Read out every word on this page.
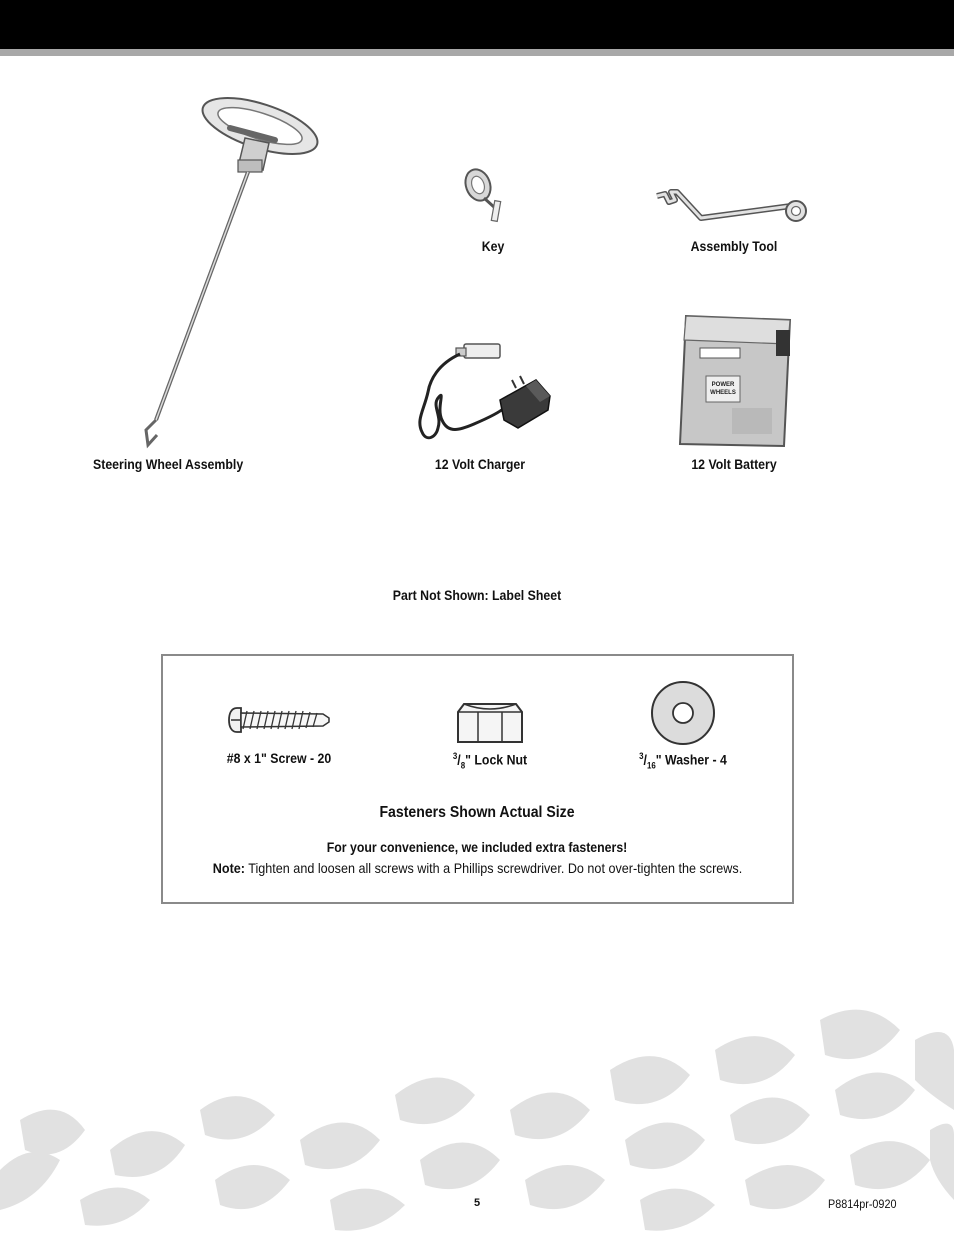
Steering Wheel Assembly
Key	Assembly Tool
12 Volt Charger
POWER
WHEELS
12 Volt Battery
Part Not Shown: Label Sheet
#8 x 1" Screw - 20	$^3/_8$" Lock Nut	$^3/_{16}$" Washer - 4
Fasteners Shown Actual Size
For your convenience, we included extra fasteners!
Note: Tighten and loosen all screws with a Phillips screwdriver. Do not over-tighten the screws.
5	P8814pr-0920
